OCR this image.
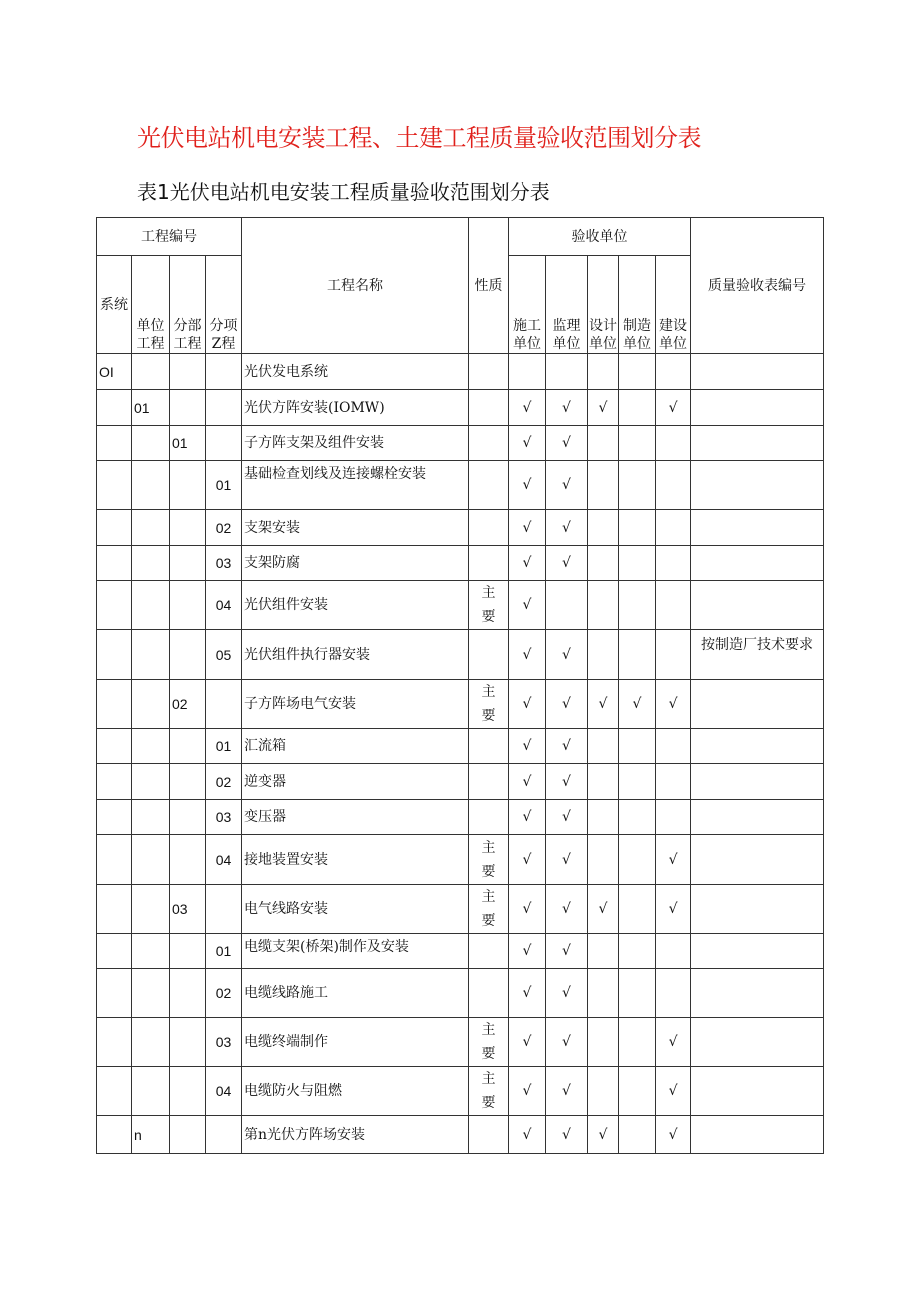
光伏电站机电安装工程、土建工程质量验收范围划分表
表1光伏电站机电安装工程质量验收范围划分表
工程编号				工程名称	性质	验收单位					质量验收表编号
系统	单位工程	分部工程	分项Z程			施工单位	监理单位	设计单位	制造单位	建设单位	
OI				光伏发电系统							
	01			光伏方阵安装(IOMW)		√	√	√		√	
		01		子方阵支架及组件安装		√	√				
			01	基础检查划线及连接螺栓安装		√	√				
			02	支架安装		√	√				
			03	支架防腐		√	√				
			04	光伏组件安装	主要	√					
			05	光伏组件执行器安装		√	√				按制造厂技术要求
		02		子方阵场电气安装	主要	√	√	√	√	√	
			01	汇流箱		√	√				
			02	逆变器		√	√				
			03	变压器		√	√				
			04	接地装置安装	主要	√	√			√	
		03		电气线路安装	主要	√	√	√		√	
			01	电缆支架(桥架)制作及安装		√	√				
			02	电缆线路施工		√	√				
			03	电缆终端制作	主要	√	√			√	
			04	电缆防火与阻燃	主要	√	√			√	
	n			第n光伏方阵场安装		√	√	√		√	
